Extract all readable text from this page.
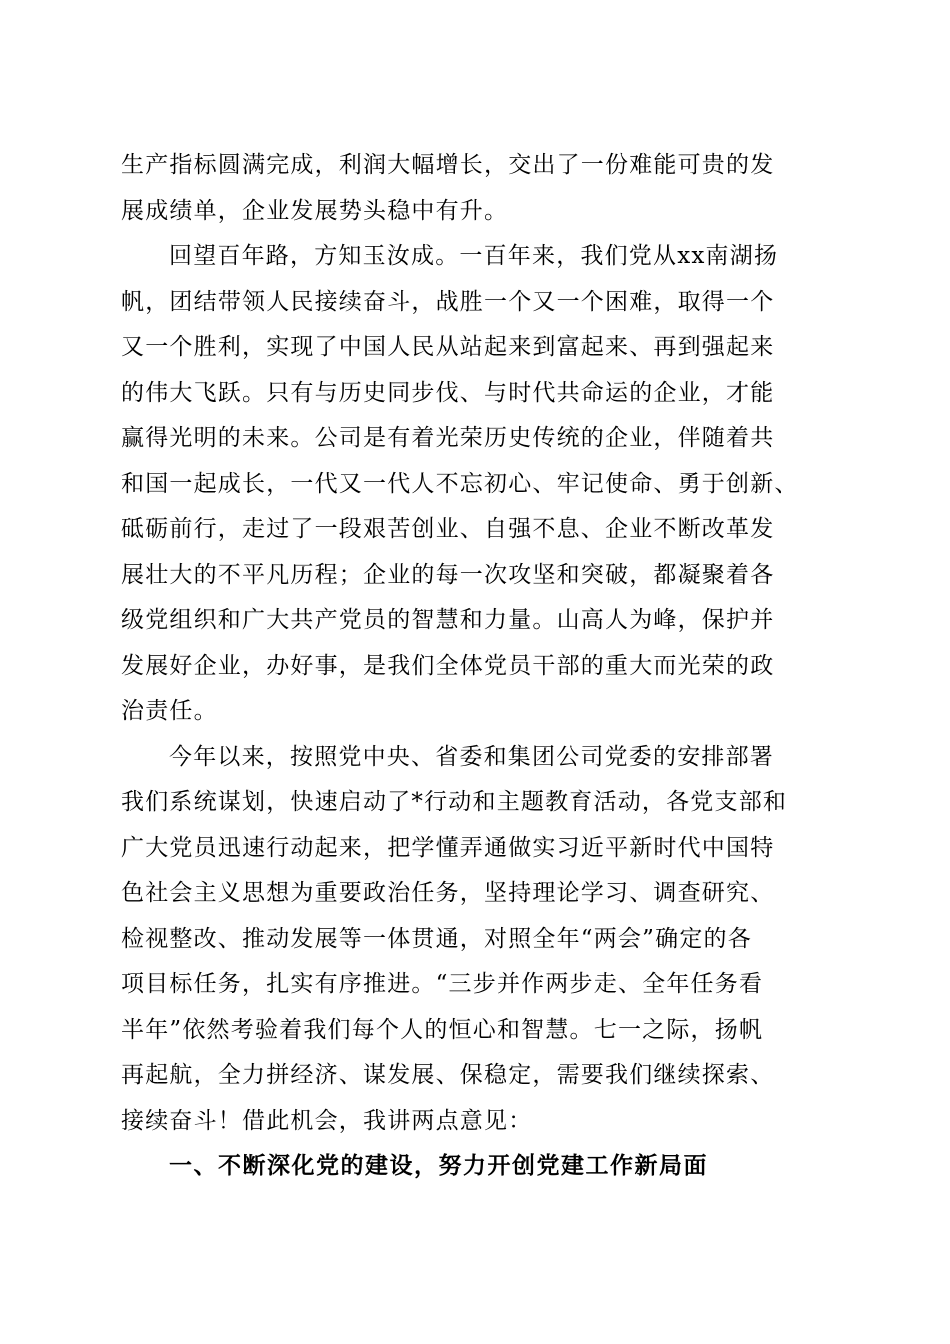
生产指标圆满完成，利润大幅增长，交出了一份难能可贵的发
展成绩单，企业发展势头稳中有升。
回望百年路，方知玉汝成。一百年来，我们党从xx南湖扬
帆，团结带领人民接续奋斗，战胜一个又一个困难，取得一个
又一个胜利，实现了中国人民从站起来到富起来、再到强起来
的伟大飞跃。只有与历史同步伐、与时代共命运的企业，才能
赢得光明的未来。公司是有着光荣历史传统的企业，伴随着共
和国一起成长，一代又一代人不忘初心、牢记使命、勇于创新、
砥砺前行，走过了一段艰苦创业、自强不息、企业不断改革发
展壮大的不平凡历程；企业的每一次攻坚和突破，都凝聚着各
级党组织和广大共产党员的智慧和力量。山高人为峰，保护并
发展好企业，办好事，是我们全体党员干部的重大而光荣的政
治责任。
今年以来，按照党中央、省委和集团公司党委的安排部署
我们系统谋划，快速启动了*行动和主题教育活动，各党支部和
广大党员迅速行动起来，把学懂弄通做实习近平新时代中国特
色社会主义思想为重要政治任务，坚持理论学习、调查研究、
检视整改、推动发展等一体贯通，对照全年“两会”确定的各
项目标任务，扎实有序推进。“三步并作两步走、全年任务看
半年”依然考验着我们每个人的恒心和智慧。七一之际，扬帆
再起航，全力拼经济、谋发展、保稳定，需要我们继续探索、
接续奋斗！借此机会，我讲两点意见：
一、不断深化党的建设，努力开创党建工作新局面
